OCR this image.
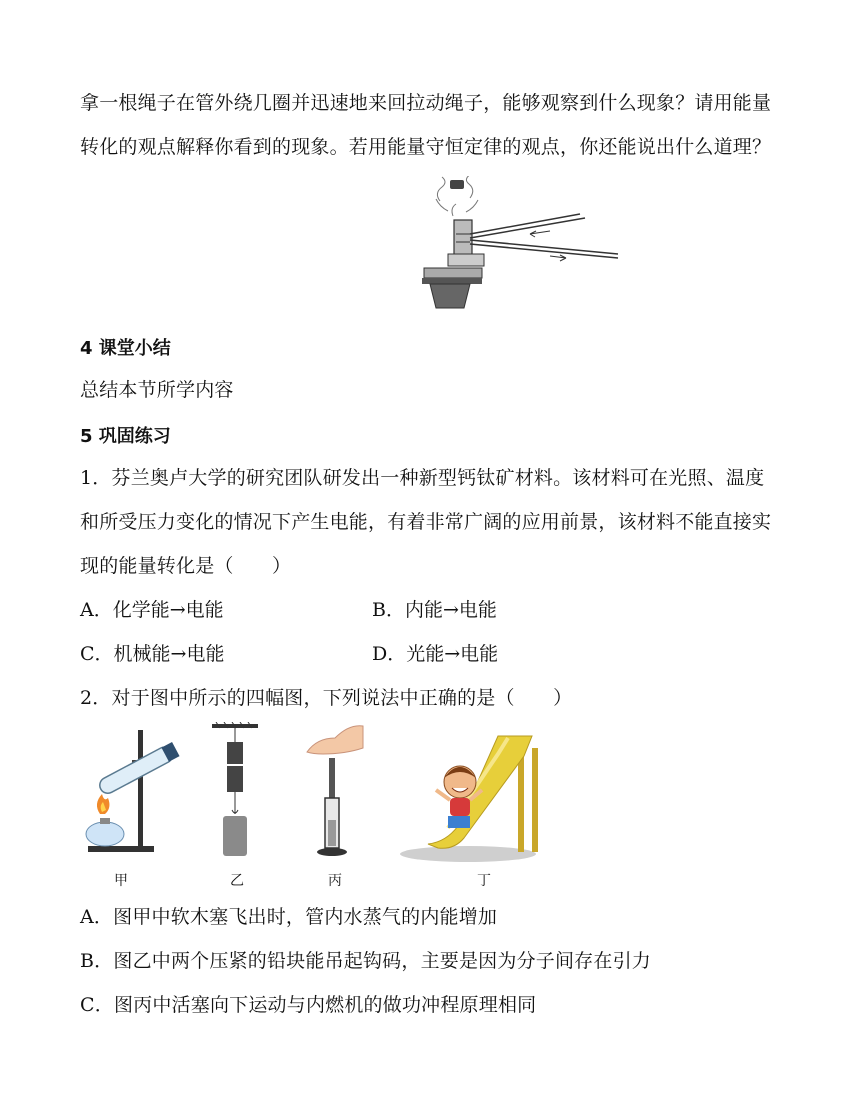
拿一根绳子在管外绕几圈并迅速地来回拉动绳子，能够观察到什么现象？请用能量
转化的观点解释你看到的现象。若用能量守恒定律的观点，你还能说出什么道理？
4 课堂小结
总结本节所学内容
5 巩固练习
1．芬兰奥卢大学的研究团队研发出一种新型钙钛矿材料。该材料可在光照、温度
和所受压力变化的情况下产生电能，有着非常广阔的应用前景，该材料不能直接实
现的能量转化是（　　）
A．化学能→电能	B．内能→电能
C．机械能→电能	D．光能→电能
2．对于图中所示的四幅图，下列说法中正确的是（　　）
甲	乙	丙	丁
A．图甲中软木塞飞出时，管内水蒸气的内能增加
B．图乙中两个压紧的铅块能吊起钩码，主要是因为分子间存在引力
C．图丙中活塞向下运动与内燃机的做功冲程原理相同
